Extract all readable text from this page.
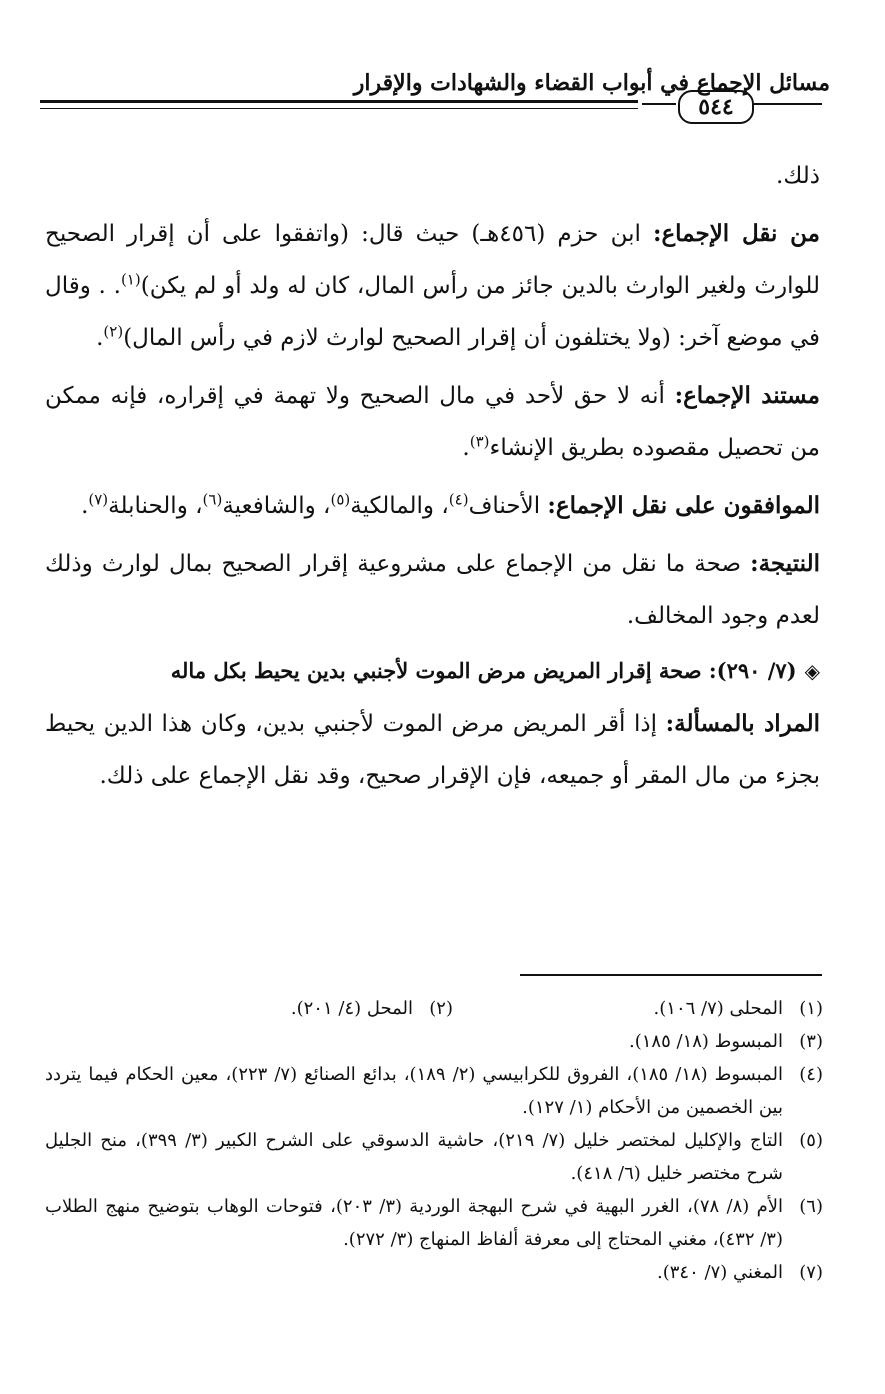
مسائل الإجماع في أبواب القضاء والشهادات والإقرار
٥٤٤

ذلك.

من نقل الإجماع: ابن حزم (٤٥٦هـ) حيث قال: (واتفقوا على أن إقرار الصحيح للوارث ولغير الوارث بالدين جائز من رأس المال، كان له ولد أو لم يكن)$^{(١)}$. . وقال في موضع آخر: (ولا يختلفون أن إقرار الصحيح لوارث لازم في رأس المال)$^{(٢)}$.

مستند الإجماع: أنه لا حق لأحد في مال الصحيح ولا تهمة في إقراره، فإنه ممكن من تحصيل مقصوده بطريق الإنشاء$^{(٣)}$.

الموافقون على نقل الإجماع: الأحناف$^{(٤)}$، والمالكية$^{(٥)}$، والشافعية$^{(٦)}$، والحنابلة$^{(٧)}$.

النتيجة: صحة ما نقل من الإجماع على مشروعية إقرار الصحيح بمال لوارث وذلك لعدم وجود المخالف.

◈(٧/ ٢٩٠): صحة إقرار المريض مرض الموت لأجنبي بدين يحيط بكل ماله

المراد بالمسألة: إذا أقر المريض مرض الموت لأجنبي بدين، وكان هذا الدين يحيط بجزء من مال المقر أو جميعه، فإن الإقرار صحيح، وقد نقل الإجماع على ذلك.

(١)
المحلى (٧/ ١٠٦).
(٢)
المحل (٤/ ٢٠١).
(٣)
المبسوط (١٨/ ١٨٥).
(٤)
المبسوط (١٨/ ١٨٥)، الفروق للكرابيسي (٢/ ١٨٩)، بدائع الصنائع (٧/ ٢٢٣)، معين الحكام فيما يتردد بين الخصمين من الأحكام (١/ ١٢٧).
(٥)
التاج والإكليل لمختصر خليل (٧/ ٢١٩)، حاشية الدسوقي على الشرح الكبير (٣/ ٣٩٩)، منح الجليل شرح مختصر خليل (٦/ ٤١٨).
(٦)
الأم (٨/ ٧٨)، الغرر البهية في شرح البهجة الوردية (٣/ ٢٠٣)، فتوحات الوهاب بتوضيح منهج الطلاب (٣/ ٤٣٢)، مغني المحتاج إلى معرفة ألفاظ المنهاج (٣/ ٢٧٢).
(٧)
المغني (٧/ ٣٤٠).
